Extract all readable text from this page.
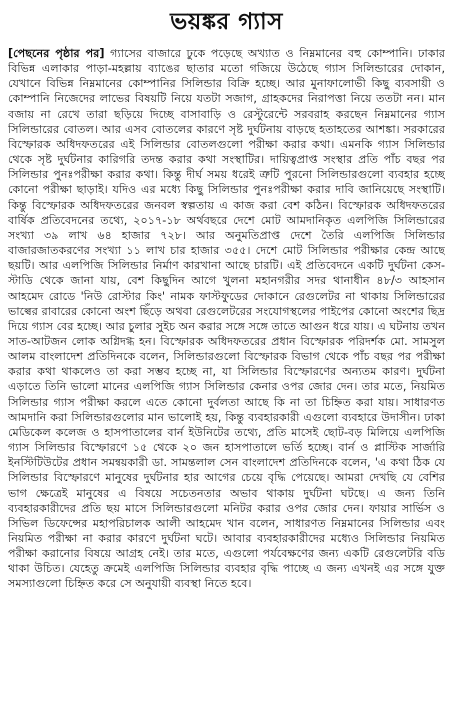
ভয়ঙ্কর গ্যাস

[পেছনের পৃষ্ঠার পর] গ্যাসের বাজারে ঢুকে পড়েছে অখ্যাত ও নিম্নমানের বহু কোম্পানি। ঢাকার বিভিন্ন এলাকার পাড়া-মহল্লায় ব্যাঙের ছাতার মতো গজিয়ে উঠেছে গ্যাস সিলিন্ডারের দোকান, যেখানে বিভিন্ন নিম্নমানের কোম্পানির সিলিন্ডার বিক্রি হচ্ছে। আর মুনাফালোভী কিছু ব্যবসায়ী ও কোম্পানি নিজেদের লাভের বিষয়টি নিয়ে যতটা সজাগ, গ্রাহকদের নিরাপত্তা নিয়ে ততটা নন। মান বজায় না রেখে তারা ছড়িয়ে দিচ্ছে বাসাবাড়ি ও রেস্টুরেন্টে সরবরাহ করছেন নিম্নমানের গ্যাস সিলিন্ডারের বোতল। আর এসব বোতলের কারণে সৃষ্ট দুর্ঘটনায় বাড়ছে হতাহতের আশঙ্কা। সরকারের বিস্ফোরক অধিদফতরের এই সিলিন্ডার বোতলগুলো পরীক্ষা করার কথা। এমনকি গ্যাস সিলিন্ডার থেকে সৃষ্ট দুর্ঘটনার কারিগরি তদন্ত করার কথা সংস্থাটির। দায়িত্বপ্রাপ্ত সংস্থার প্রতি পাঁচ বছর পর সিলিন্ডার পুনঃপরীক্ষা করার কথা। কিন্তু দীর্ঘ সময় ধরেই ত্রুটি পুরনো সিলিন্ডারগুলো ব্যবহার হচ্ছে কোনো পরীক্ষা ছাড়াই। যদিও এর মধ্যে কিছু সিলিন্ডার পুনঃপরীক্ষা করার দাবি জানিয়েছে সংস্থাটি। কিন্তু বিস্ফোরক অধিদফতরের জনবল স্বল্পতায় এ কাজ করা বেশ কঠিন। বিস্ফোরক অধিদফতরের বার্ষিক প্রতিবেদনের তথ্যে, ২০১৭-১৮ অর্থবছরে দেশে মোট আমদানিকৃত এলপিজি সিলিন্ডারের সংখ্যা ৩৯ লাখ ৬৪ হাজার ৭২৮। আর অনুমতিপ্রাপ্ত দেশে তৈরি এলপিজি সিলিন্ডার বাজারজাতকরণের সংখ্যা ১১ লাখ চার হাজার ৩৫৫। দেশে মোট সিলিন্ডার পরীক্ষার কেন্দ্র আছে ছয়টি। আর এলপিজি সিলিন্ডার নির্মাণ কারখানা আছে চারটি। এই প্রতিবেদনে একটি দুর্ঘটনা কেস-স্টাডি থেকে জানা যায়, বেশ কিছুদিন আগে খুলনা মহানগরীর সদর থানাধীন ৪৮/৩ আহসান আহমেদ রোডে 'নিউ রোস্টার কিং' নামক ফাস্টফুডের দোকানে রেগুলেটর না থাকায় সিলিন্ডারের ভাল্বের রাবারের কোনো অংশ ছিঁড়ে অথবা রেগুলেটরের সংযোগস্থলের পাইপের কোনো অংশের ছিদ্র দিয়ে গ্যাস বের হচ্ছে। আর চুলার সুইচ অন করার সঙ্গে সঙ্গে তাতে আগুন ধরে যায়। এ ঘটনায় তখন সাত-আটজন লোক অগ্নিদগ্ধ হন। বিস্ফোরক অধিদফতরের প্রধান বিস্ফোরক পরিদর্শক মো. সামসুল আলম বাংলাদেশ প্রতিদিনকে বলেন, সিলিন্ডারগুলো বিস্ফোরক বিভাগ থেকে পাঁচ বছর পর পরীক্ষা করার কথা থাকলেও তা করা সম্ভব হচ্ছে না, যা সিলিন্ডার বিস্ফোরণের অন্যতম কারণ। দুর্ঘটনা এড়াতে তিনি ভালো মানের এলপিজি গ্যাস সিলিন্ডার কেনার ওপর জোর দেন। তার মতে, নিয়মিত সিলিন্ডার গ্যাস পরীক্ষা করলে এতে কোনো দুর্বলতা আছে কি না তা চিহ্নিত করা যায়। সাধারণত আমদানি করা সিলিন্ডারগুলোর মান ভালোই হয়, কিন্তু ব্যবহারকারী এগুলো ব্যবহারে উদাসীন। ঢাকা মেডিকেল কলেজ ও হাসপাতালের বার্ন ইউনিটের তথ্যে, প্রতি মাসেই ছোট-বড় মিলিয়ে এলপিজি গ্যাস সিলিন্ডার বিস্ফোরণে ১৫ থেকে ২০ জন হাসপাতালে ভর্তি হচ্ছে। বার্ন ও প্লাস্টিক সার্জারি ইনস্টিটিউটের প্রধান সমন্বয়কারী ডা. সামন্তলাল সেন বাংলাদেশ প্রতিদিনকে বলেন, 'এ কথা ঠিক যে সিলিন্ডার বিস্ফোরণে মানুষের দুর্ঘটনার হার আগের চেয়ে বৃদ্ধি পেয়েছে। আমরা দেখছি যে বেশির ভাগ ক্ষেত্রেই মানুষের এ বিষয়ে সচেতনতার অভাব থাকায় দুর্ঘটনা ঘটছে। এ জন্য তিনি ব্যবহারকারীদের প্রতি ছয় মাসে সিলিন্ডারগুলো মনিটর করার ওপর জোর দেন। ফায়ার সার্ভিস ও সিভিল ডিফেন্সের মহাপরিচালক আলী আহমেদ খান বলেন, সাধারণত নিম্নমানের সিলিন্ডার এবং নিয়মিত পরীক্ষা না করার কারণে দুর্ঘটনা ঘটে। আবার ব্যবহারকারীদের মধ্যেও সিলিন্ডার নিয়মিত পরীক্ষা করানোর বিষয়ে আগ্রহ নেই। তার মতে, এগুলো পর্যবেক্ষণের জন্য একটি রেগুলেটরি বডি থাকা উচিত। যেহেতু ক্রমেই এলপিজি সিলিন্ডার ব্যবহার বৃদ্ধি পাচ্ছে এ জন্য এখনই এর সঙ্গে যুক্ত সমস্যাগুলো চিহ্নিত করে সে অনুযায়ী ব্যবস্থা নিতে হবে।
